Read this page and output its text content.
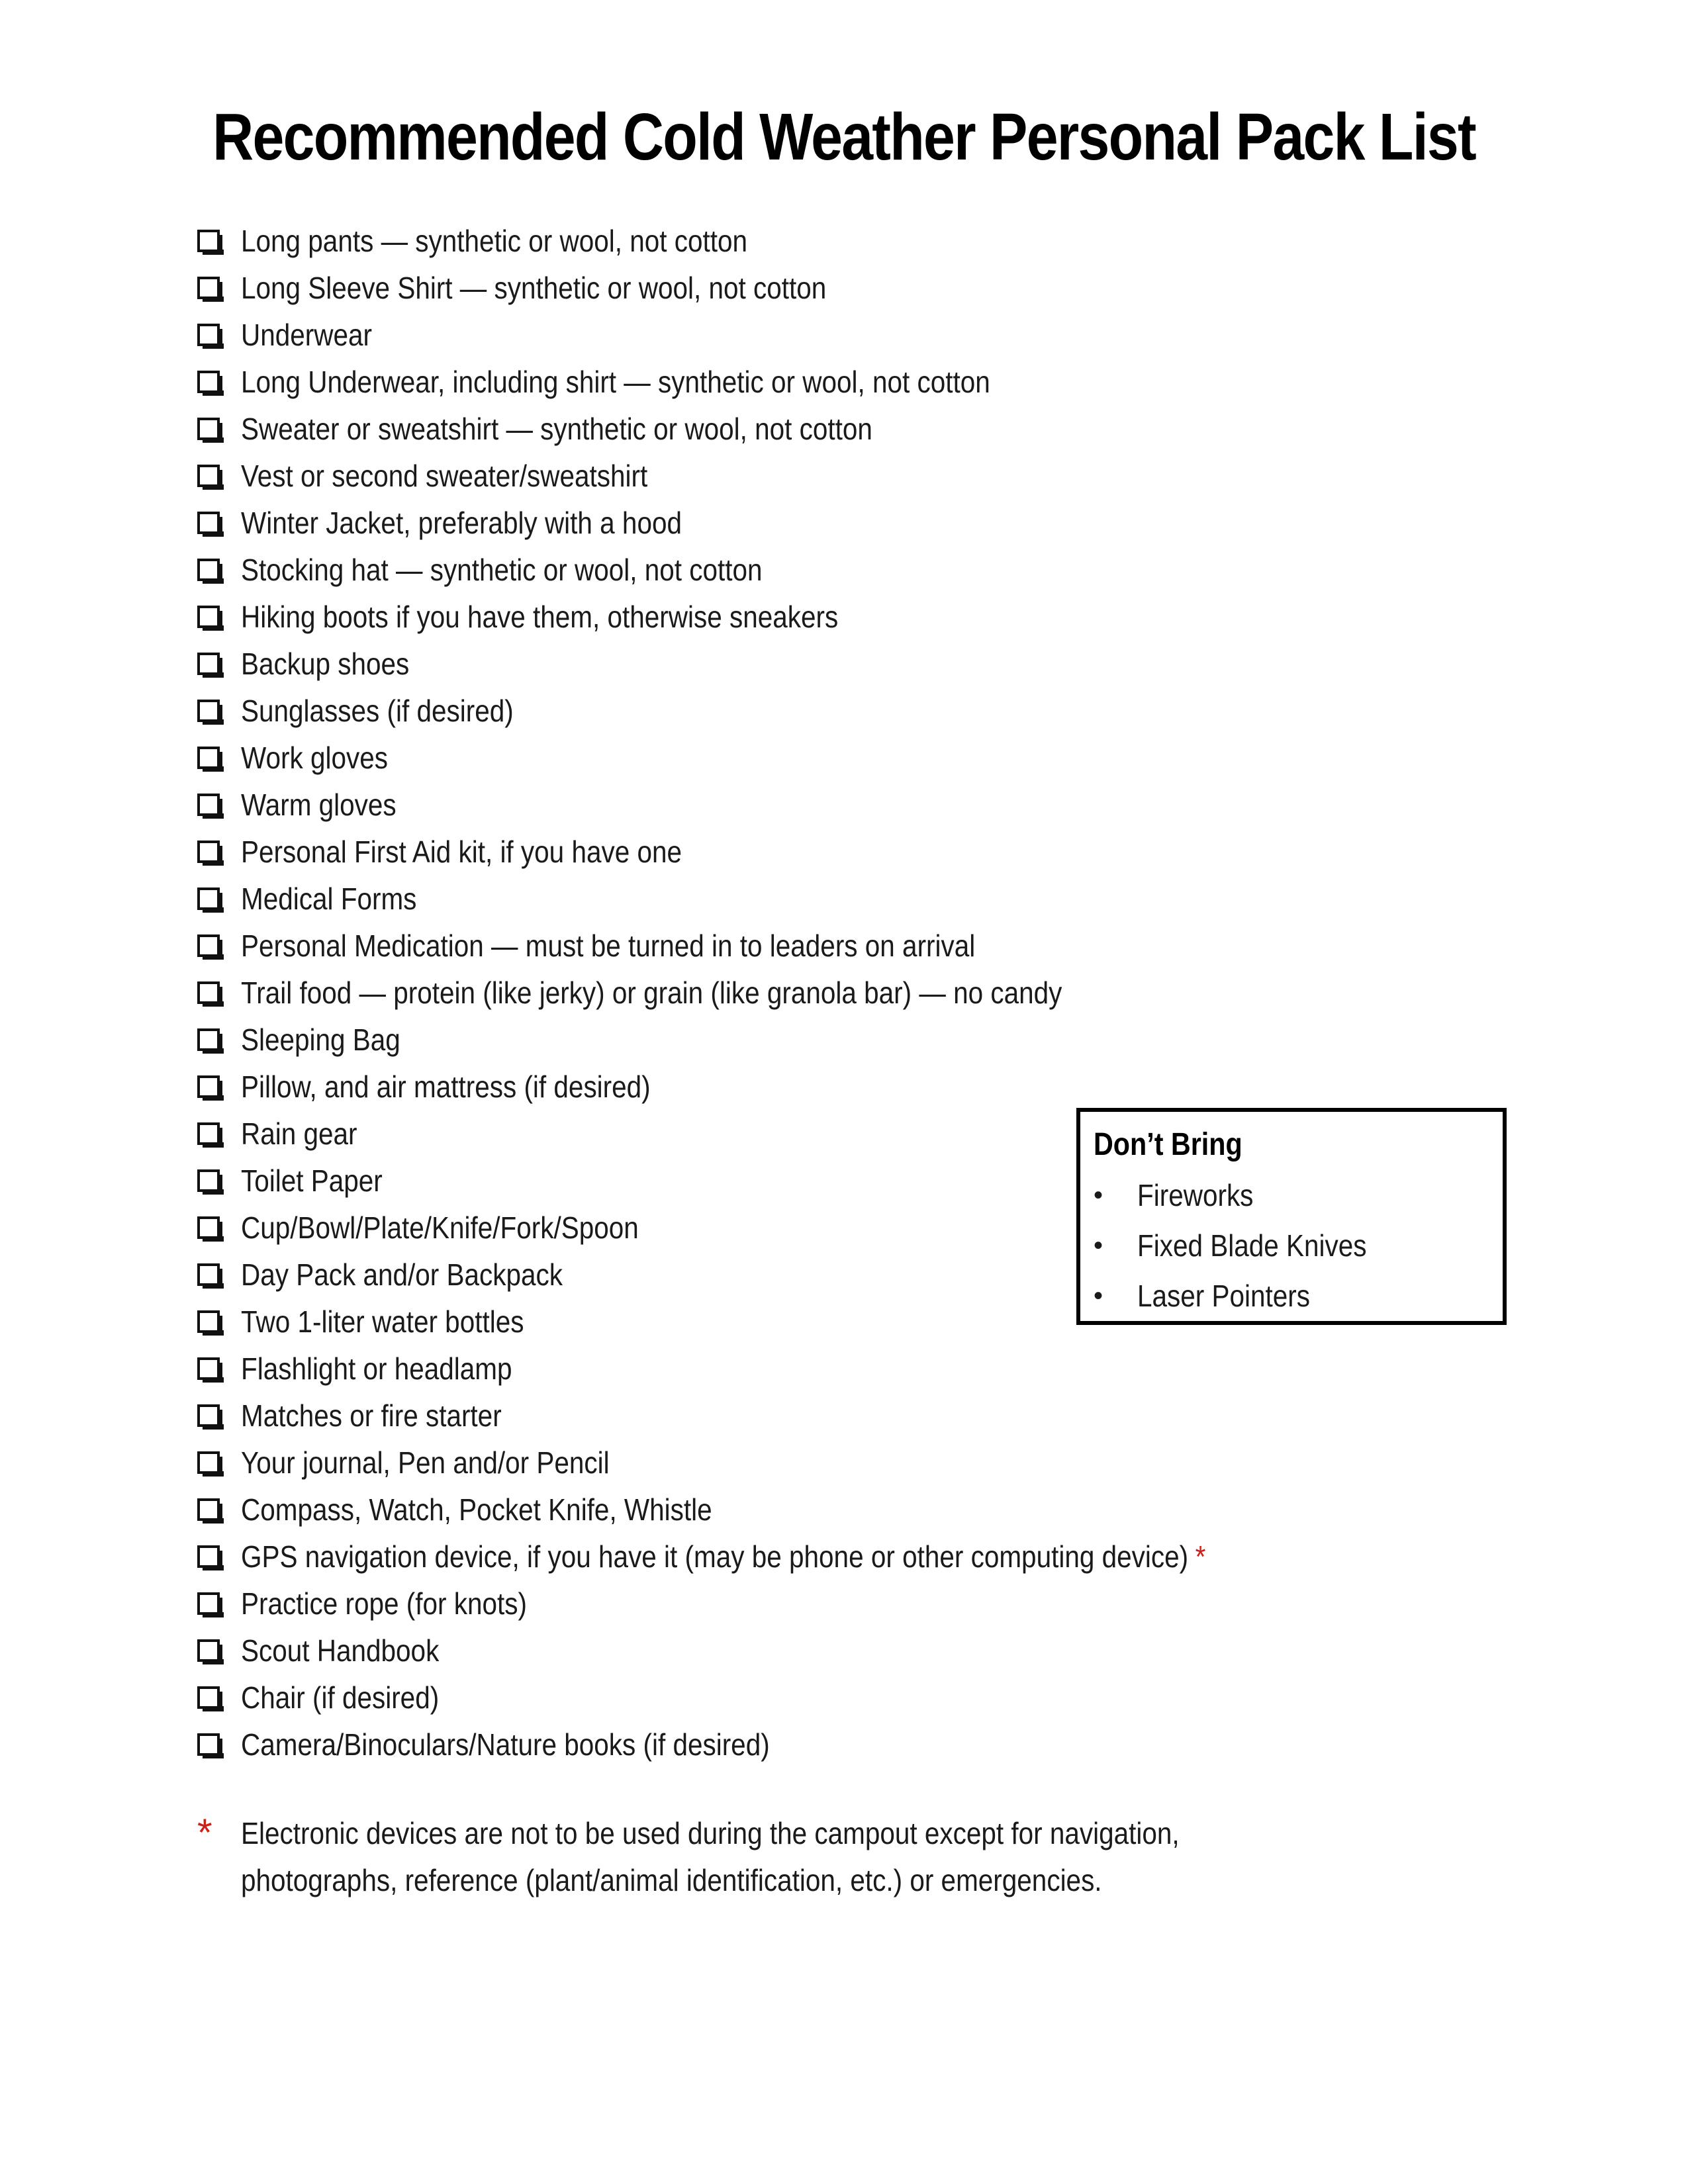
Recommended Cold Weather Personal Pack List
Long pants — synthetic or wool, not cotton
Long Sleeve Shirt — synthetic or wool, not cotton
Underwear
Long Underwear, including shirt — synthetic or wool, not cotton
Sweater or sweatshirt — synthetic or wool, not cotton
Vest or second sweater/sweatshirt
Winter Jacket, preferably with a hood
Stocking hat — synthetic or wool, not cotton
Hiking boots if you have them, otherwise sneakers
Backup shoes
Sunglasses (if desired)
Work gloves
Warm gloves
Personal First Aid kit, if you have one
Medical Forms
Personal Medication — must be turned in to leaders on arrival
Trail food — protein (like jerky) or grain (like granola bar) — no candy
Sleeping Bag
Pillow, and air mattress (if desired)
Rain gear
Toilet Paper
Cup/Bowl/Plate/Knife/Fork/Spoon
Day Pack and/or Backpack
Two 1-liter water bottles
Flashlight or headlamp
Matches or fire starter
Your journal, Pen and/or Pencil
Compass, Watch, Pocket Knife, Whistle
GPS navigation device, if you have it (may be phone or other computing device) *
Practice rope (for knots)
Scout Handbook
Chair (if desired)
Camera/Binoculars/Nature books (if desired)
Don’t Bring
•	Fireworks
•	Fixed Blade Knives
•	Laser Pointers
* Electronic devices are not to be used during the campout except for navigation, photographs, reference (plant/animal identification, etc.) or emergencies.
